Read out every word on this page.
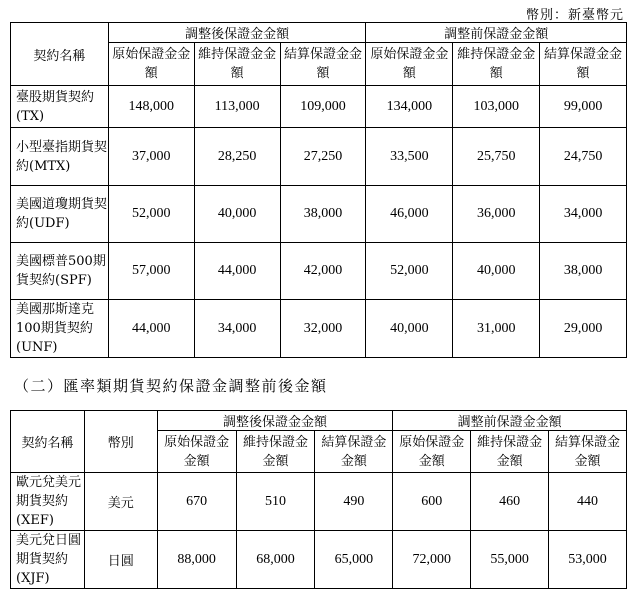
幣別：新臺幣元
契約名稱	調整後保證金金額			調整前保證金金額		
	原始保證金金額	維持保證金金額	結算保證金金額	原始保證金金額	維持保證金金額	結算保證金金額
臺股期貨契約(TX)	148,000	113,000	109,000	134,000	103,000	99,000
小型臺指期貨契約(MTX)	37,000	28,250	27,250	33,500	25,750	24,750
美國道瓊期貨契約(UDF)	52,000	40,000	38,000	46,000	36,000	34,000
美國標普500期貨契約(SPF)	57,000	44,000	42,000	52,000	40,000	38,000
美國那斯達克100期貨契約(UNF)	44,000	34,000	32,000	40,000	31,000	29,000
（二）匯率類期貨契約保證金調整前後金額
契約名稱	幣別	調整後保證金金額			調整前保證金金額		
		原始保證金金額	維持保證金金額	結算保證金金額	原始保證金金額	維持保證金金額	結算保證金金額
歐元兌美元期貨契約(XEF)	美元	670	510	490	600	460	440
美元兌日圓期貨契約(XJF)	日圓	88,000	68,000	65,000	72,000	55,000	53,000
